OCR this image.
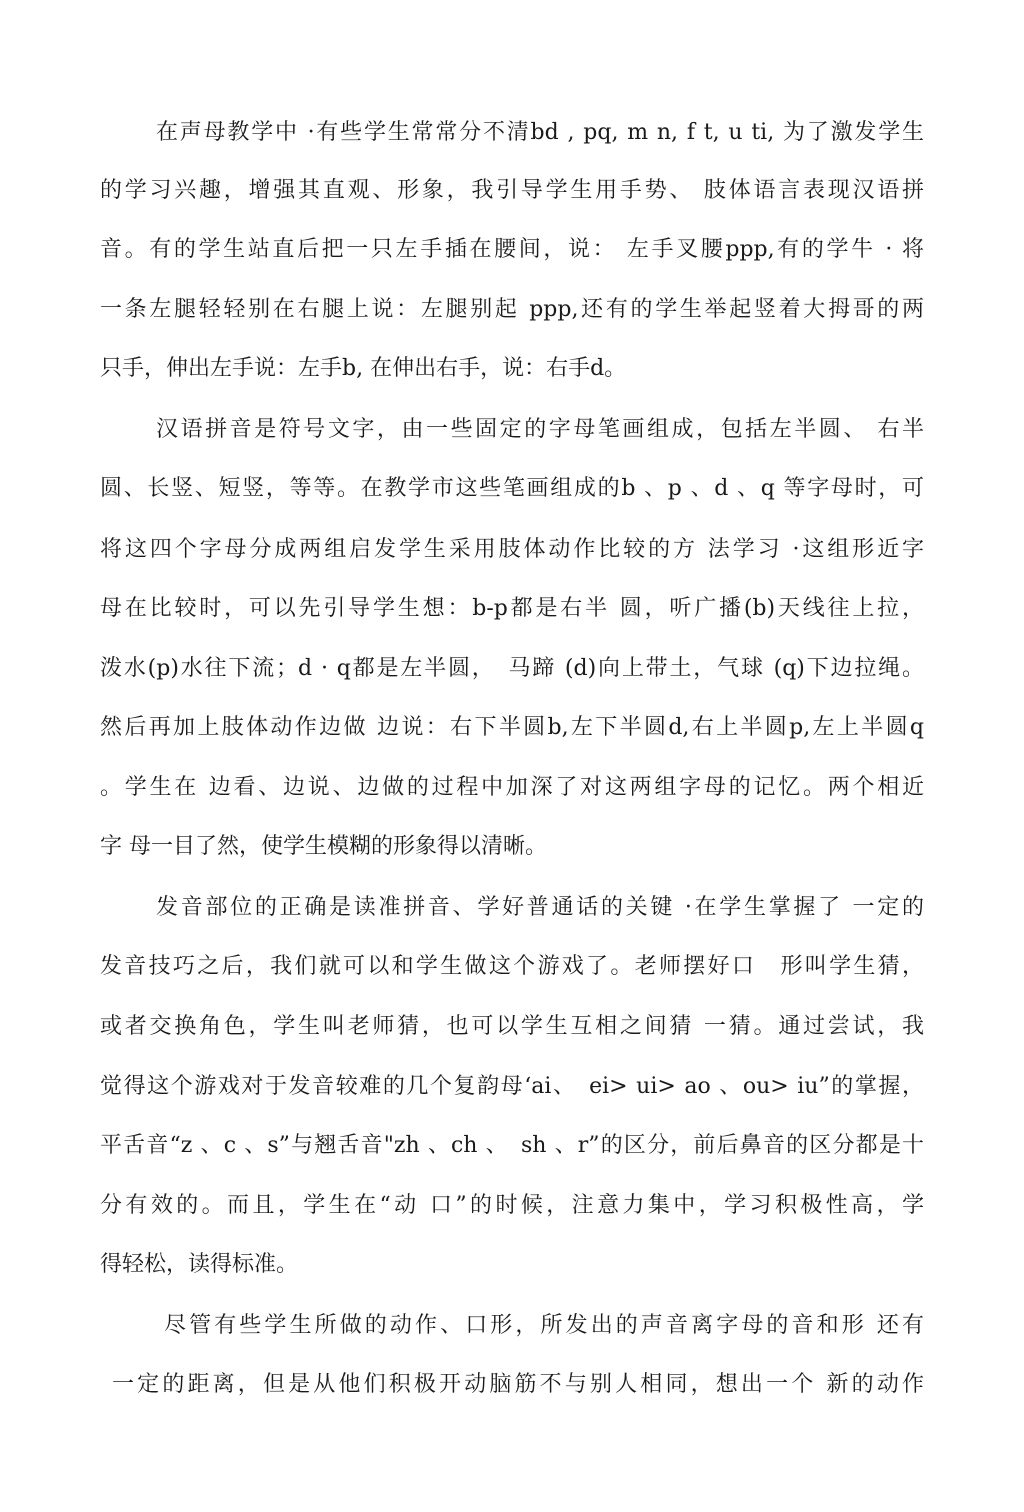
在声母教学中 ·有些学生常常分不清bd , pq, m n, f t, u ti, 为了激发学生
的学习兴趣，增强其直观、形象，我引导学生用手势、 肢体语言表现汉语拼
音。有的学生站直后把一只左手插在腰间，说： 左手叉腰ppp,有的学牛 · 将
一条左腿轻轻别在右腿上说：左腿别起 ppp,还有的学生举起竖着大拇哥的两
只手，伸出左手说：左手b, 在伸出右手，说：右手d。
汉语拼音是符号文字，由一些固定的字母笔画组成，包括左半圆、 右半
圆、长竖、短竖，等等。在教学市这些笔画组成的b 、p 、d 、q 等字母时，可
将这四个字母分成两组启发学生采用肢体动作比较的方 法学习 ·这组形近字
母在比较时，可以先引导学生想：b-p都是右半 圆，听广播(b)天线往上拉，
泼水(p)水往下流；d · q都是左半圆，　马蹄 (d)向上带土，气球 (q)下边拉绳。
然后再加上肢体动作边做 边说：右下半圆b,左下半圆d,右上半圆p,左上半圆q
。学生在 边看、边说、边做的过程中加深了对这两组字母的记忆。两个相近
字 母一目了然，使学生模糊的形象得以清晰。
发音部位的正确是读准拼音、学好普通话的关键 ·在学生掌握了 一定的
发音技巧之后，我们就可以和学生做这个游戏了。老师摆好口　形叫学生猜，
或者交换角色，学生叫老师猜，也可以学生互相之间猜 一猜。通过尝试，我
觉得这个游戏对于发音较难的几个复韵母‘ai、　ei> ui> ao 、ou> iu”的掌握，
平舌音“z 、c 、s”与翘舌音"zh 、ch 、　sh 、r”的区分，前后鼻音的区分都是十
分有效的。而且，学生在“动 口”的时候，注意力集中，学习积极性高，学
得轻松，读得标准。
尽管有些学生所做的动作、口形，所发出的声音离字母的音和形 还有
一定的距离，但是从他们积极开动脑筋不与别人相同，想出一个 新的动作
